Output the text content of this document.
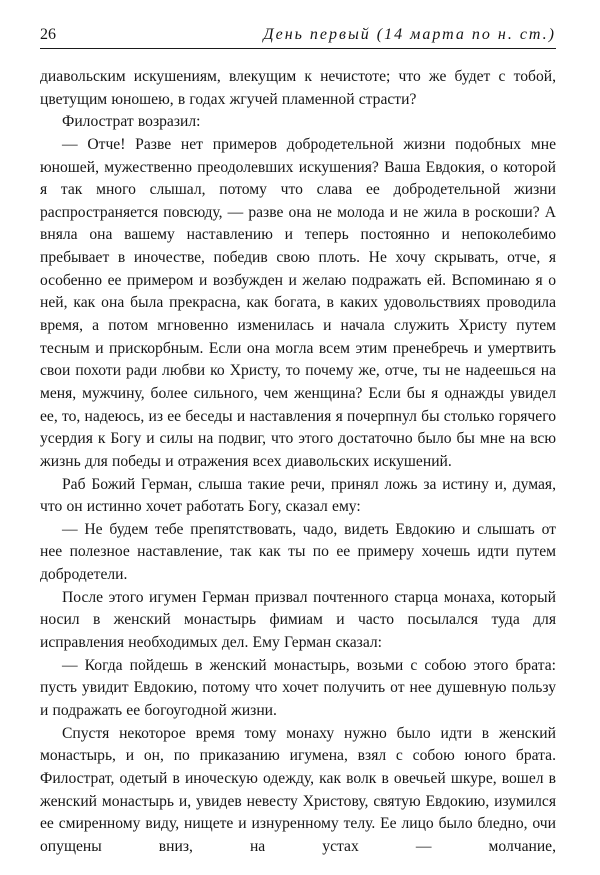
26	День первый (14 марта по н. ст.)

диавольским искушениям, влекущим к нечистоте; что же будет с тобой, цветущим юношею, в годах жгучей пламенной страсти?

Филострат возразил:

— Отче! Разве нет примеров добродетельной жизни подобных мне юношей, мужественно преодолевших искушения? Ваша Евдокия, о которой я так много слышал, потому что слава ее добродетельной жизни распространяется повсюду, — разве она не молода и не жила в роскоши? А вняла она вашему наставлению и теперь постоянно и непоколебимо пребывает в иночестве, победив свою плоть. Не хочу скрывать, отче, я особенно ее примером и возбужден и желаю подражать ей. Вспоминаю я о ней, как она была прекрасна, как богата, в каких удовольствиях проводила время, а потом мгновенно изменилась и начала служить Христу путем тесным и прискорбным. Если она могла всем этим пренебречь и умертвить свои похоти ради любви ко Христу, то почему же, отче, ты не надеешься на меня, мужчину, более сильного, чем женщина? Если бы я однажды увидел ее, то, надеюсь, из ее беседы и наставления я почерпнул бы столько горячего усердия к Богу и силы на подвиг, что этого достаточно было бы мне на всю жизнь для победы и отражения всех диавольских искушений.

Раб Божий Герман, слыша такие речи, принял ложь за истину и, думая, что он истинно хочет работать Богу, сказал ему:

— Не будем тебе препятствовать, чадо, видеть Евдокию и слышать от нее полезное наставление, так как ты по ее примеру хочешь идти путем добродетели.

После этого игумен Герман призвал почтенного старца монаха, который носил в женский монастырь фимиам и часто посылался туда для исправления необходимых дел. Ему Герман сказал:

— Когда пойдешь в женский монастырь, возьми с собою этого брата: пусть увидит Евдокию, потому что хочет получить от нее душевную пользу и подражать ее богоугодной жизни.

Спустя некоторое время тому монаху нужно было идти в женский монастырь, и он, по приказанию игумена, взял с собою юного брата. Филострат, одетый в иноческую одежду, как волк в овечьей шкуре, вошел в женский монастырь и, увидев невесту Христову, святую Евдокию, изумился ее смиренному виду, нищете и изнуренному телу. Ее лицо было бледно, очи опущены вниз, на устах — молчание,
